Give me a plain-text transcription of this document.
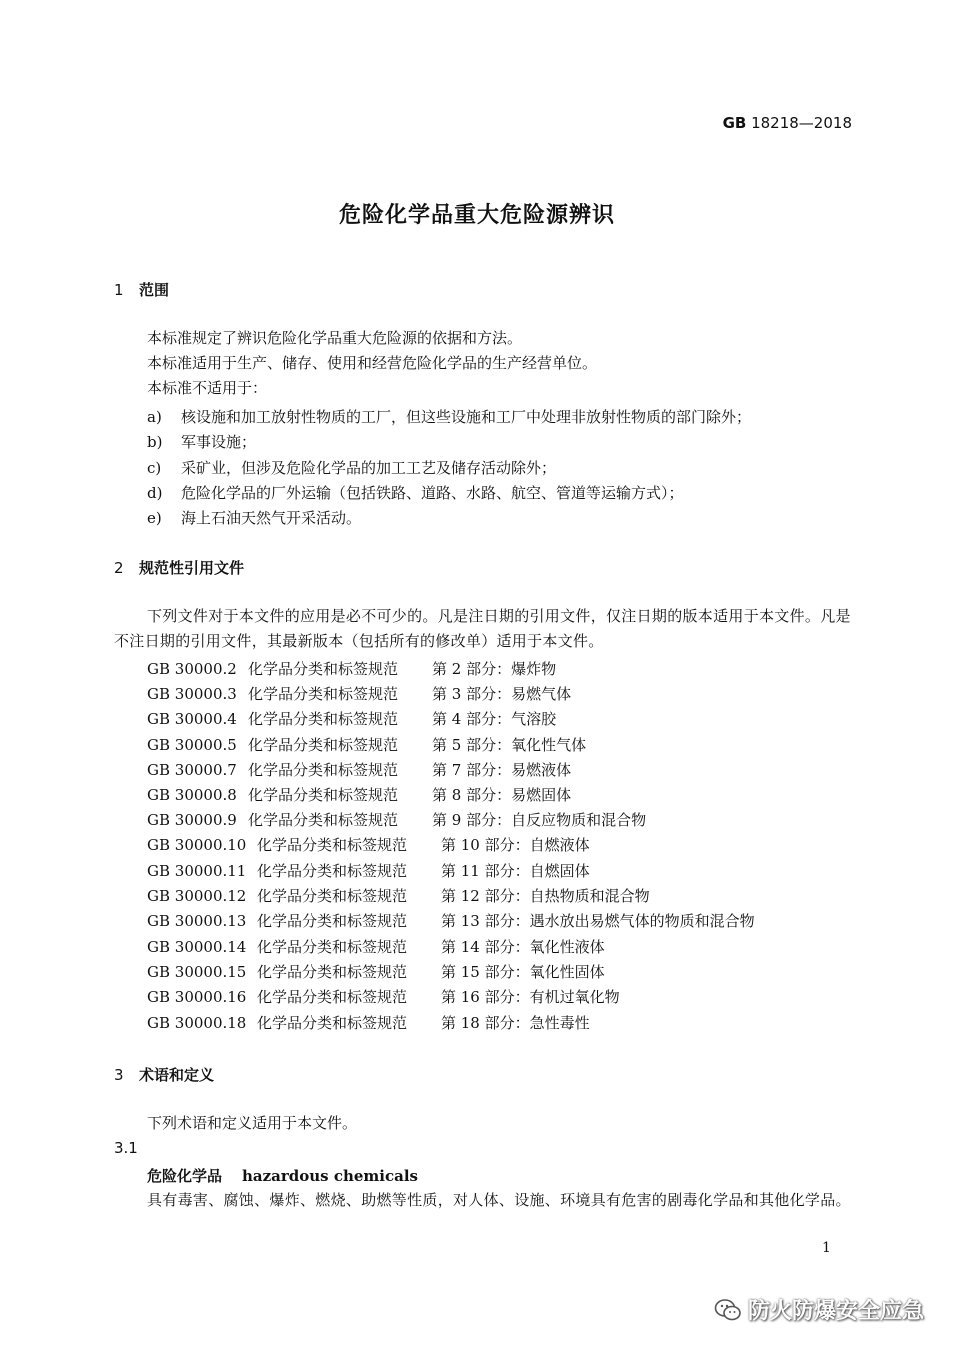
GB 18218—2018
危险化学品重大危险源辨识
1 范围
本标准规定了辨识危险化学品重大危险源的依据和方法。
本标准适用于生产、储存、使用和经营危险化学品的生产经营单位。
本标准不适用于：
a) 核设施和加工放射性物质的工厂，但这些设施和工厂中处理非放射性物质的部门除外；
b) 军事设施；
c) 采矿业，但涉及危险化学品的加工工艺及储存活动除外；
d) 危险化学品的厂外运输（包括铁路、道路、水路、航空、管道等运输方式）；
e) 海上石油天然气开采活动。
2 规范性引用文件
下列文件对于本文件的应用是必不可少的。凡是注日期的引用文件，仅注日期的版本适用于本文件。凡是不注日期的引用文件，其最新版本（包括所有的修改单）适用于本文件。
GB 30000.2 化学品分类和标签规范 第 2 部分：爆炸物
GB 30000.3 化学品分类和标签规范 第 3 部分：易燃气体
GB 30000.4 化学品分类和标签规范 第 4 部分：气溶胶
GB 30000.5 化学品分类和标签规范 第 5 部分：氧化性气体
GB 30000.7 化学品分类和标签规范 第 7 部分：易燃液体
GB 30000.8 化学品分类和标签规范 第 8 部分：易燃固体
GB 30000.9 化学品分类和标签规范 第 9 部分：自反应物质和混合物
GB 30000.10 化学品分类和标签规范 第 10 部分：自燃液体
GB 30000.11 化学品分类和标签规范 第 11 部分：自燃固体
GB 30000.12 化学品分类和标签规范 第 12 部分：自热物质和混合物
GB 30000.13 化学品分类和标签规范 第 13 部分：遇水放出易燃气体的物质和混合物
GB 30000.14 化学品分类和标签规范 第 14 部分：氧化性液体
GB 30000.15 化学品分类和标签规范 第 15 部分：氧化性固体
GB 30000.16 化学品分类和标签规范 第 16 部分：有机过氧化物
GB 30000.18 化学品分类和标签规范 第 18 部分：急性毒性
3 术语和定义
下列术语和定义适用于本文件。
3.1
危险化学品 hazardous chemicals
具有毒害、腐蚀、爆炸、燃烧、助燃等性质，对人体、设施、环境具有危害的剧毒化学品和其他化学品。
1
防火防爆安全应急
